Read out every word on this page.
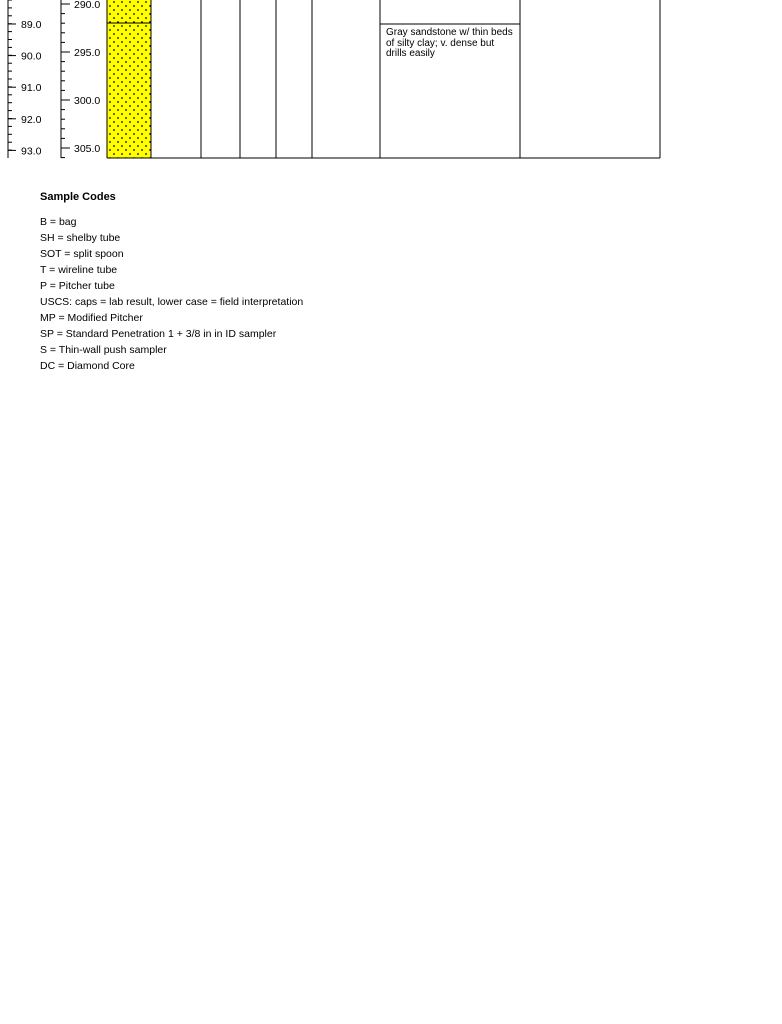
89.0
90.0
91.0
92.0
93.0
290.0
295.0
300.0
305.0

Gray sandstone w/ thin beds of silty clay; v. dense but drills easily

Sample Codes
B = bag
SH = shelby tube
SOT = split spoon
T = wireline tube
P = Pitcher tube
USCS: caps = lab result, lower case = field interpretation
MP = Modified Pitcher
SP = Standard Penetration 1 + 3/8 in in ID sampler
S = Thin-wall push sampler
DC = Diamond Core
